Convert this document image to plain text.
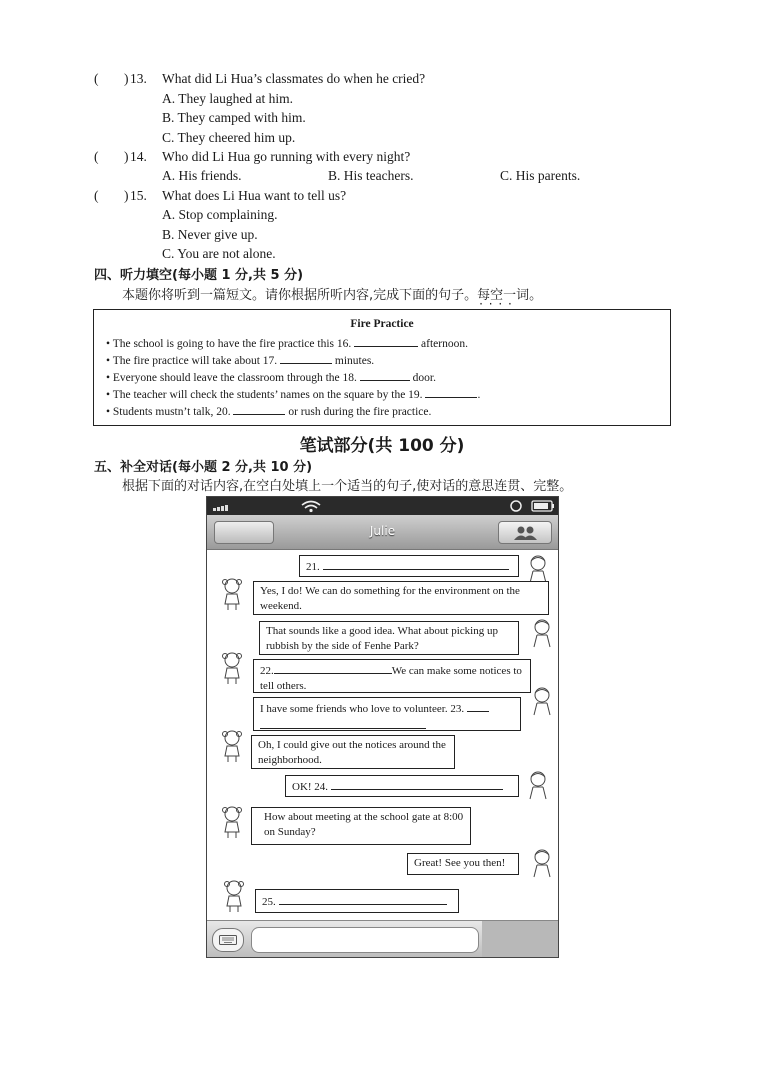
( ) 13. What did Li Hua’s classmates do when he cried?
A. They laughed at him.
B. They camped with him.
C. They cheered him up.
( ) 14. Who did Li Hua go running with every night?
A. His friends.	B. His teachers.	C. His parents.
( ) 15. What does Li Hua want to tell us?
A. Stop complaining.
B. Never give up.
C. You are not alone.
四、听力填空(每小题 1 分,共 5 分)
本题你将听到一篇短文。请你根据所听内容,完成下面的句子。每空一词 · · · ·。
Fire Practice
• The school is going to have the fire practice this 16.	afternoon.
• The fire practice will take about 17.	minutes.
• Everyone should leave the classroom through the 18.	door.
• The teacher will check the students’ names on the square by the 19.	.
• Students mustn’t talk, 20.	or rush during the fire practice.
笔试部分(共 100 分)
五、补全对话(每小题 2 分,共 10 分)
根据下面的对话内容,在空白处填上一个适当的句子,使对话的意思连贯、完整。
Julie
21.
Yes, I do! We can do something for the environment on the weekend.
That sounds like a good idea. What about picking up rubbish by the side of Fenhe Park?
22.	We can make some notices to tell others.
I have some friends who love to volunteer. 23.

Oh, I could give out the notices around the neighborhood.
OK! 24.
How about meeting at the school gate at 8:00 on Sunday?
Great! See you then!
25.
